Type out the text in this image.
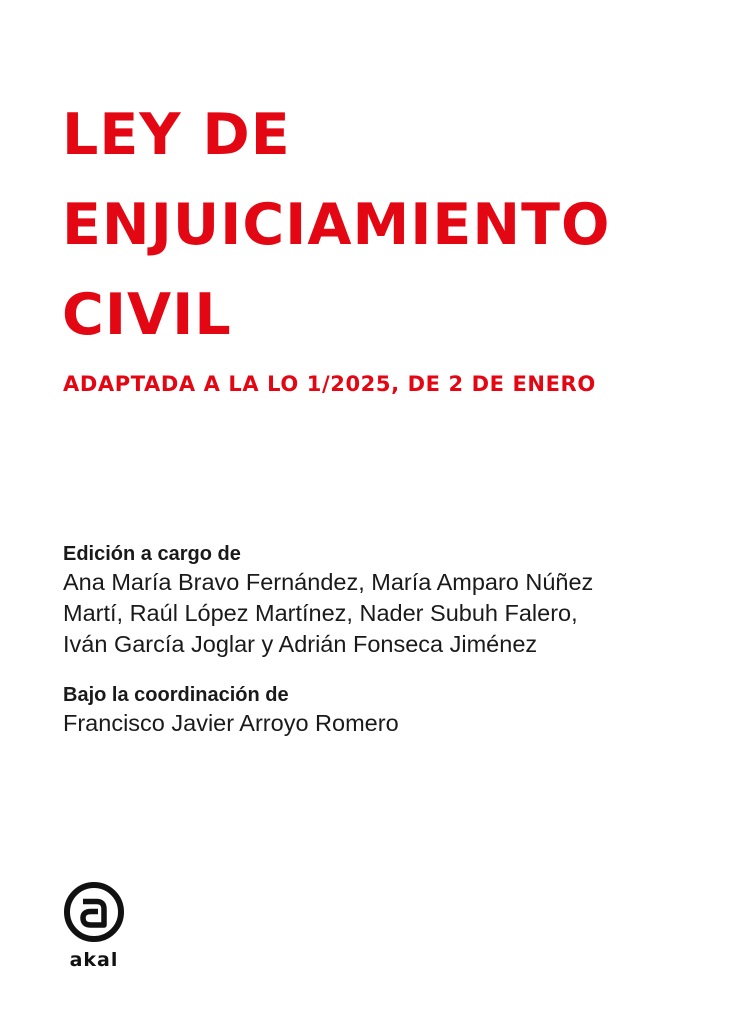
LEY DE
ENJUICIAMIENTO
CIVIL

ADAPTADA A LA LO 1/2025, DE 2 DE ENERO

Edición a cargo de
Ana María Bravo Fernández, María Amparo Núñez
Martí, Raúl López Martínez, Nader Subuh Falero,
Iván García Joglar y Adrián Fonseca Jiménez
Bajo la coordinación de
Francisco Javier Arroyo Romero
akal
